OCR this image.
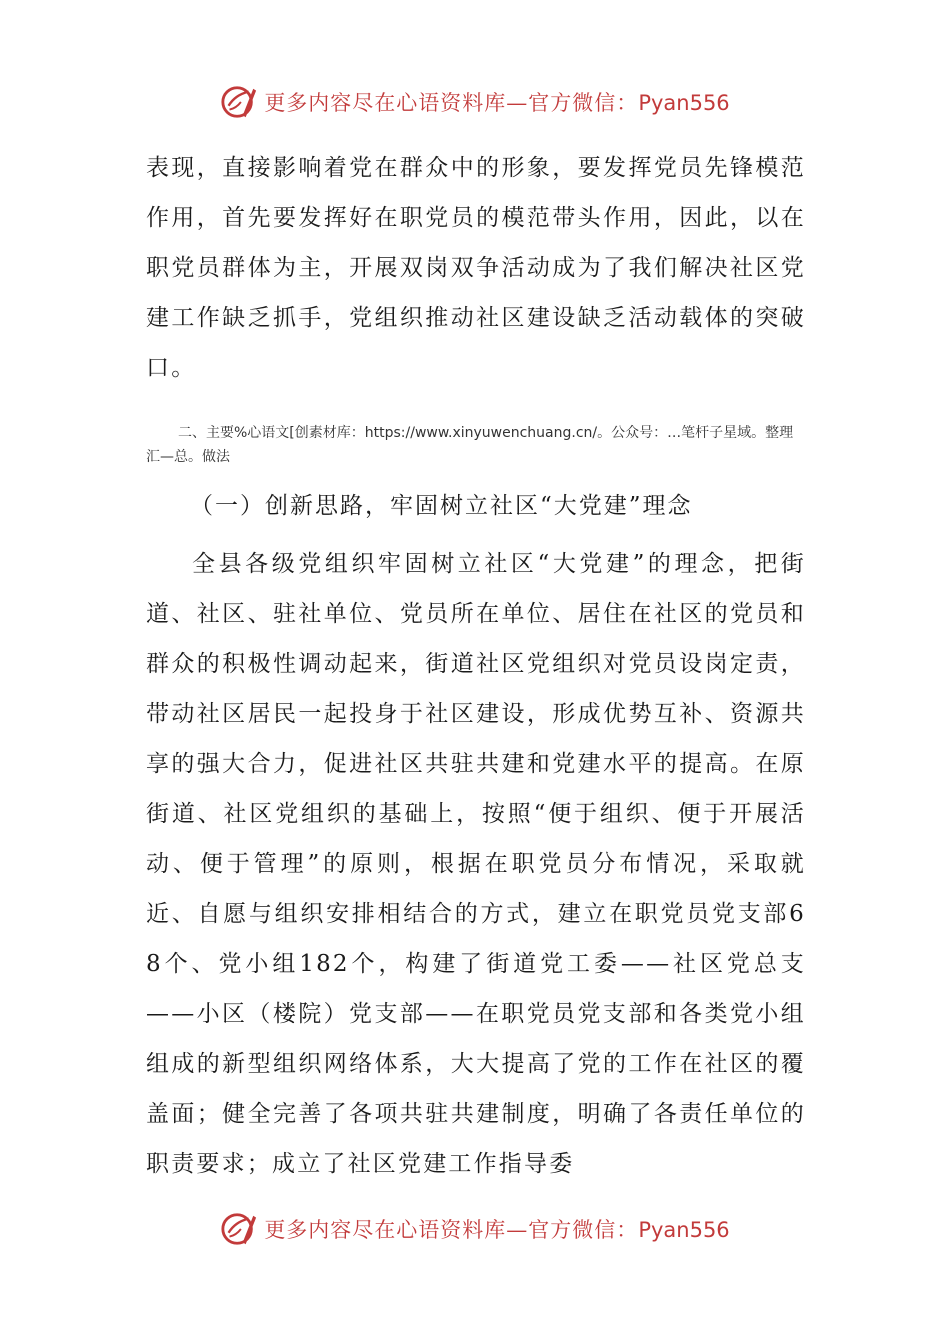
更多内容尽在心语资料库—官方微信：Pyan556

表现，直接影响着党在群众中的形象，要发挥党员先锋模范作用，首先要发挥好在职党员的模范带头作用，因此，以在职党员群体为主，开展双岗双争活动成为了我们解决社区党建工作缺乏抓手，党组织推动社区建设缺乏活动载体的突破口。

二、主要%心语文[创素材库：https://www.xinyuwenchuang.cn/。公众号：…笔杆子星域。整理汇—总。做法

（一）创新思路，牢固树立社区“大党建”理念

全县各级党组织牢固树立社区“大党建”的理念，把街道、社区、驻社单位、党员所在单位、居住在社区的党员和群众的积极性调动起来，街道社区党组织对党员设岗定责，带动社区居民一起投身于社区建设，形成优势互补、资源共享的强大合力，促进社区共驻共建和党建水平的提高。在原街道、社区党组织的基础上，按照“便于组织、便于开展活动、便于管理”的原则，根据在职党员分布情况，采取就近、自愿与组织安排相结合的方式，建立在职党员党支部68个、党小组182个，构建了街道党工委——社区党总支——小区（楼院）党支部——在职党员党支部和各类党小组组成的新型组织网络体系，大大提高了党的工作在社区的覆盖面；健全完善了各项共驻共建制度，明确了各责任单位的职责要求；成立了社区党建工作指导委

更多内容尽在心语资料库—官方微信：Pyan556
